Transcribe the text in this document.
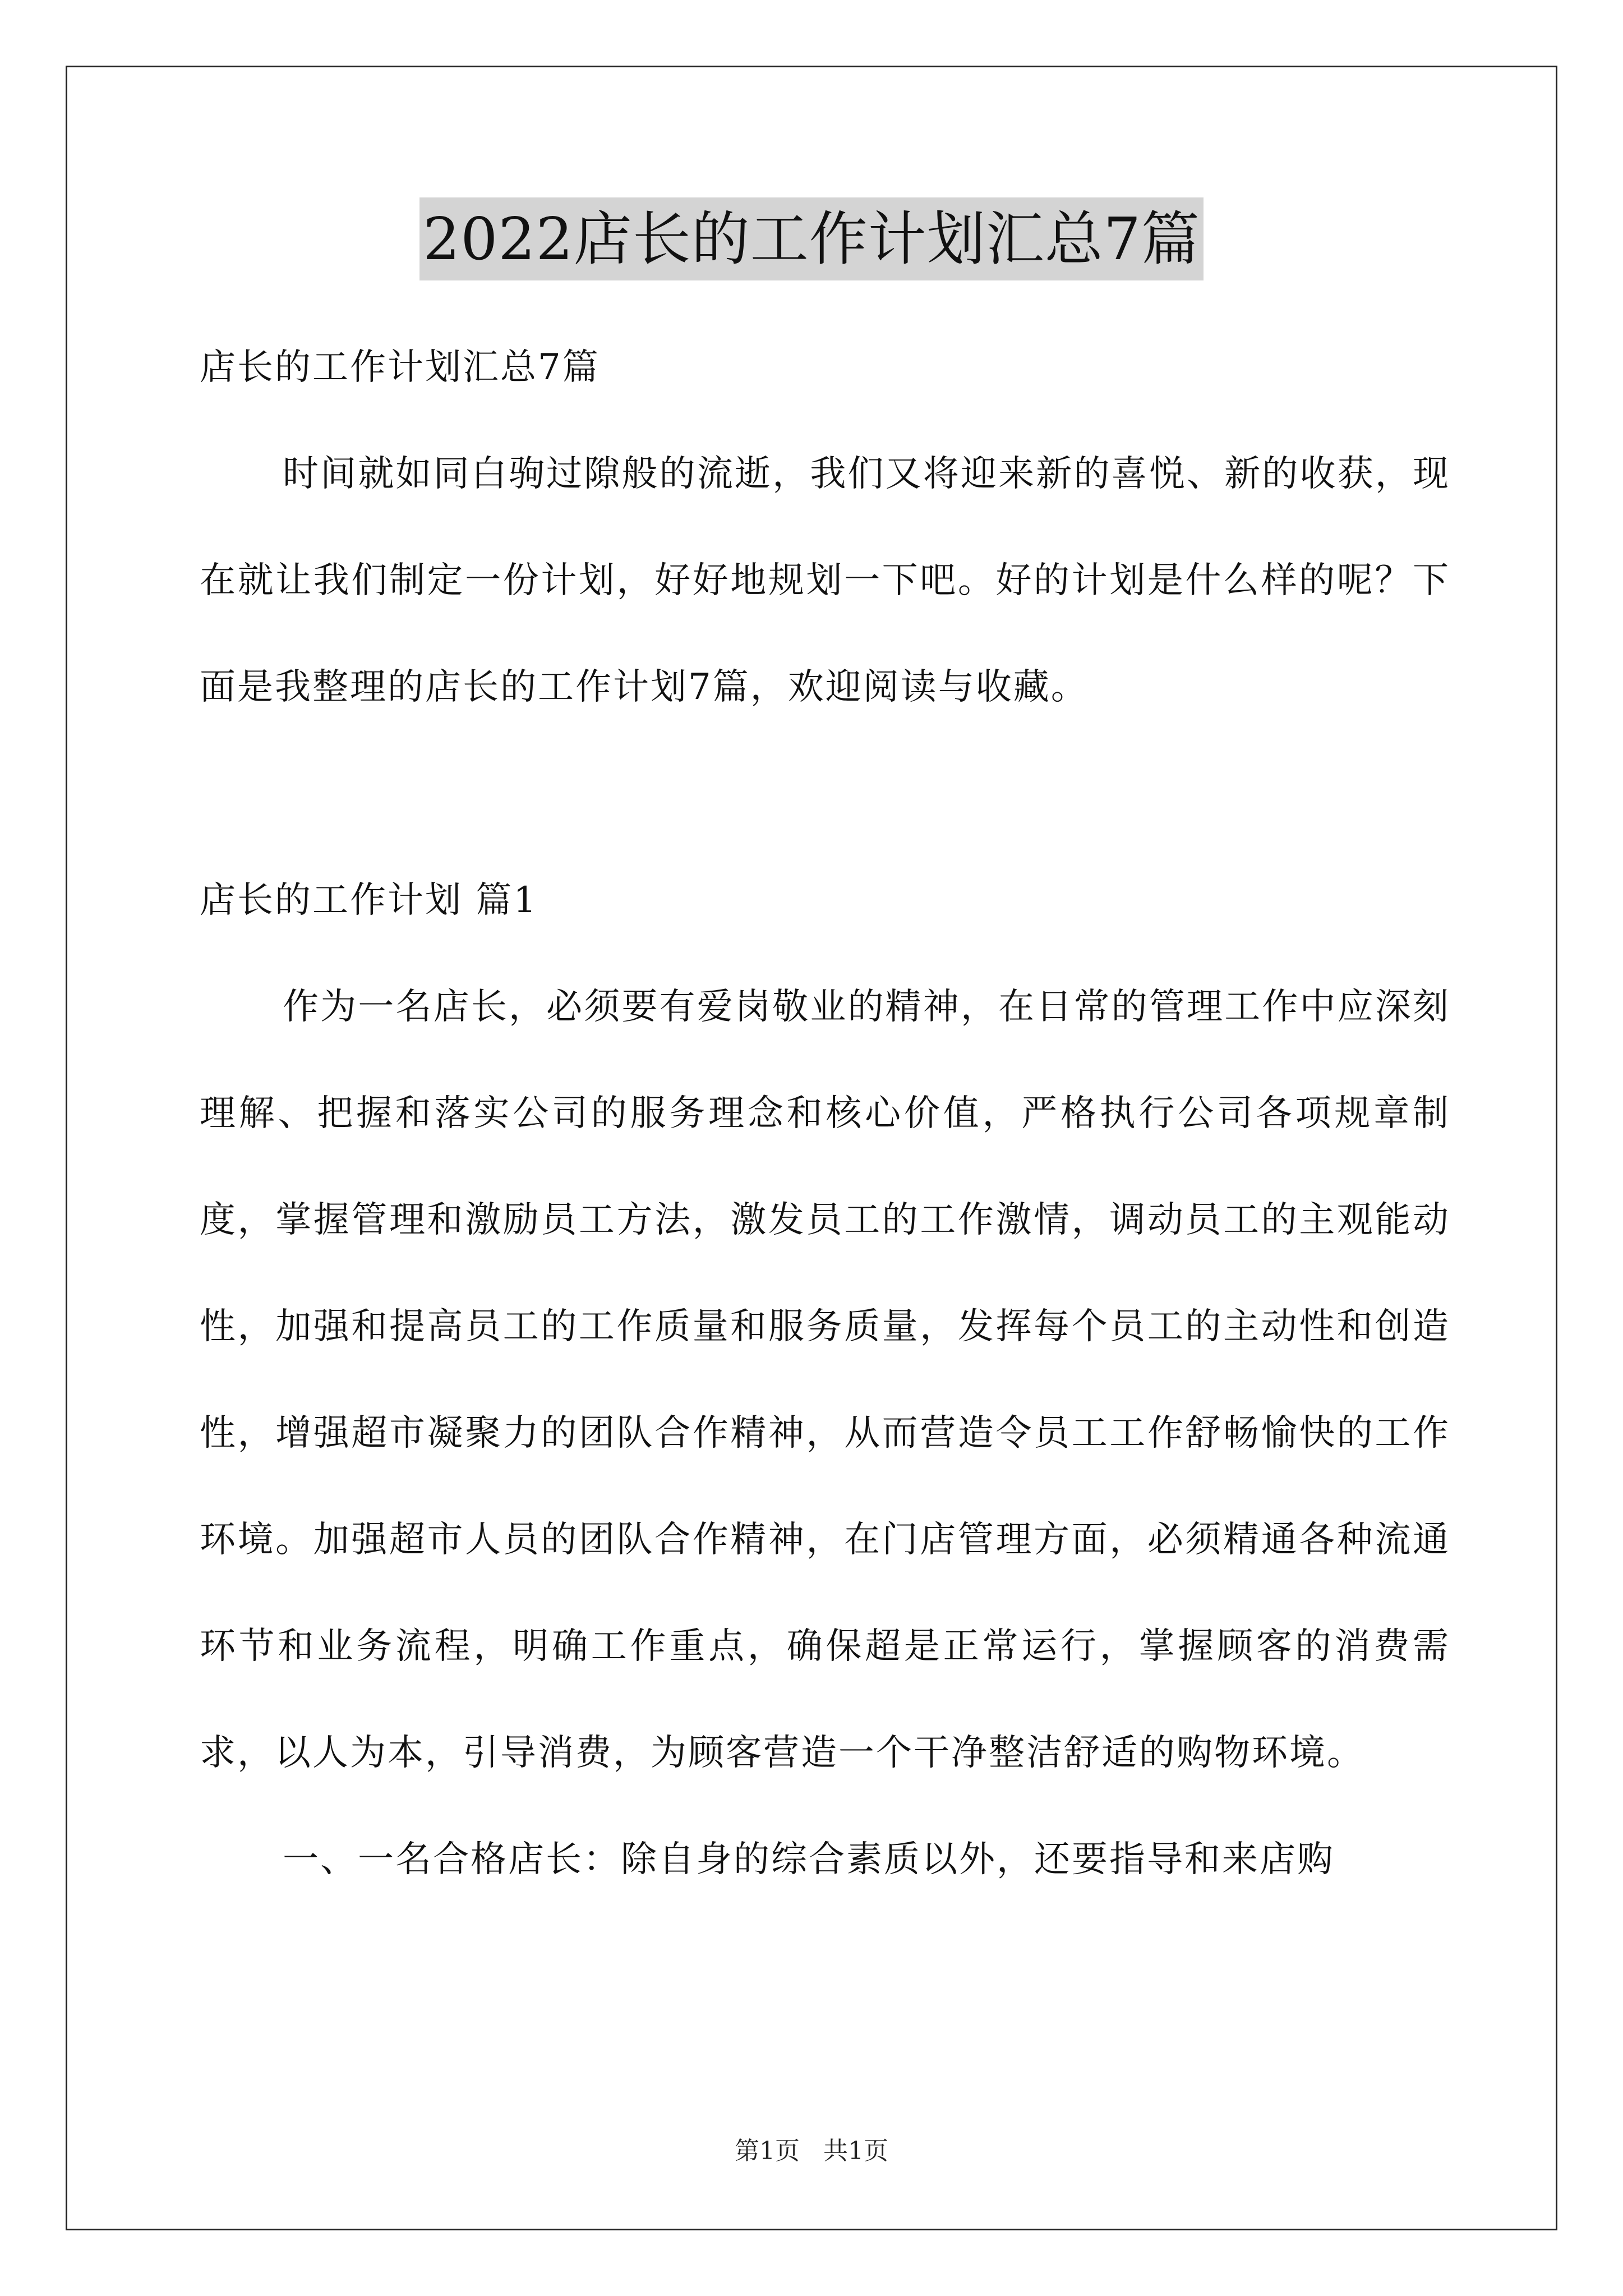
2022店长的工作计划汇总7篇

店长的工作计划汇总7篇

时间就如同白驹过隙般的流逝，我们又将迎来新的喜悦、新的收获，现在就让我们制定一份计划，好好地规划一下吧。好的计划是什么样的呢？下面是我整理的店长的工作计划7篇，欢迎阅读与收藏。

店长的工作计划 篇1

作为一名店长，必须要有爱岗敬业的精神，在日常的管理工作中应深刻理解、把握和落实公司的服务理念和核心价值，严格执行公司各项规章制度，掌握管理和激励员工方法，激发员工的工作激情，调动员工的主观能动性，加强和提高员工的工作质量和服务质量，发挥每个员工的主动性和创造性，增强超市凝聚力的团队合作精神，从而营造令员工工作舒畅愉快的工作环境。加强超市人员的团队合作精神，在门店管理方面，必须精通各种流通环节和业务流程，明确工作重点，确保超是正常运行，掌握顾客的消费需求，以人为本，引导消费，为顾客营造一个干净整洁舒适的购物环境。

一、一名合格店长：除自身的综合素质以外，还要指导和来店购

第1页 共1页
